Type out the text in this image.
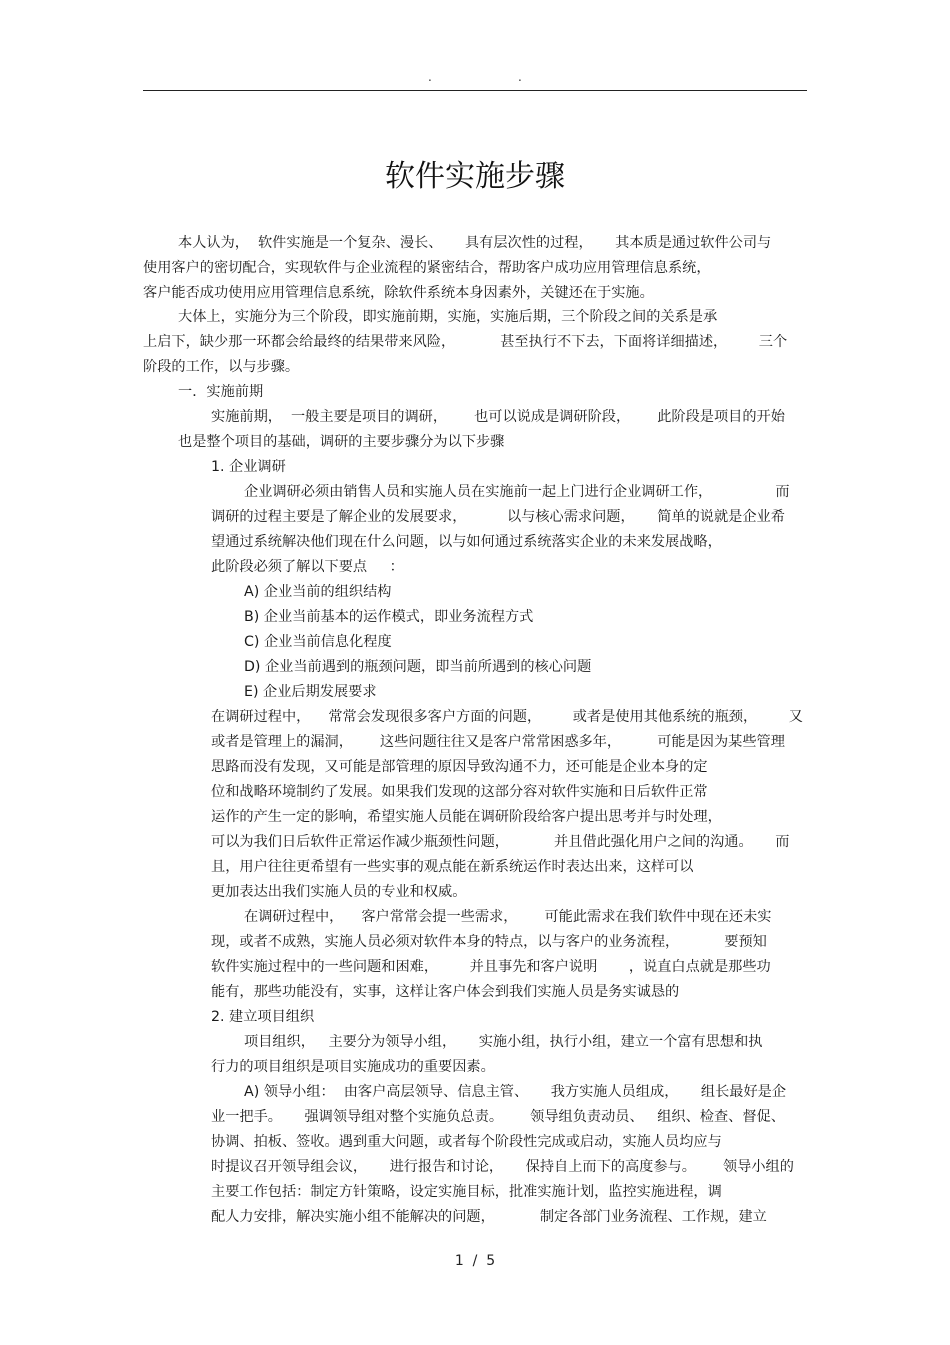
.	.
软件实施步骤
本人认为，  软件实施是一个复杂、漫长、     具有层次性的过程，     其本质是通过软件公司与
使用客户的密切配合，实现软件与企业流程的紧密结合，帮助客户成功应用管理信息系统，
客户能否成功使用应用管理信息系统，除软件系统本身因素外，关键还在于实施。
大体上，实施分为三个阶段，即实施前期，实施，实施后期，三个阶段之间的关系是承
上启下，缺少那一环都会给最终的结果带来风险，          甚至执行不下去，下面将详细描述，       三个
阶段的工作，以与步骤。
一．实施前期
实施前期，  一般主要是项目的调研，      也可以说成是调研阶段，      此阶段是项目的开始
也是整个项目的基础，调研的主要步骤分为以下步骤
1. 企业调研
企业调研必须由销售人员和实施人员在实施前一起上门进行企业调研工作，              而
调研的过程主要是了解企业的发展要求，         以与核心需求问题，     简单的说就是企业希
望通过系统解决他们现在什么问题，以与如何通过系统落实企业的未来发展战略，
此阶段必须了解以下要点     ：
A) 企业当前的组织结构
B) 企业当前基本的运作模式，即业务流程方式
C) 企业当前信息化程度
D) 企业当前遇到的瓶颈问题，即当前所遇到的核心问题
E) 企业后期发展要求
在调研过程中，    常常会发现很多客户方面的问题，       或者是使用其他系统的瓶颈，       又
或者是管理上的漏洞，      这些问题往往又是客户常常困惑多年，        可能是因为某些管理
思路而没有发现，又可能是部管理的原因导致沟通不力，还可能是企业本身的定
位和战略环境制约了发展。如果我们发现的这部分容对软件实施和日后软件正常
运作的产生一定的影响，希望实施人员能在调研阶段给客户提出思考并与时处理，
可以为我们日后软件正常运作减少瓶颈性问题，          并且借此强化用户之间的沟通。     而
且，用户往往更希望有一些实事的观点能在新系统运作时表达出来，这样可以
更加表达出我们实施人员的专业和权威。
在调研过程中，    客户常常会提一些需求，      可能此需求在我们软件中现在还未实
现，或者不成熟，实施人员必须对软件本身的特点，以与客户的业务流程，          要预知
软件实施过程中的一些问题和困难，       并且事先和客户说明       ，说直白点就是那些功
能有，那些功能没有，实事，这样让客户体会到我们实施人员是务实诚恳的
2. 建立项目组织
项目组织，   主要分为领导小组，     实施小组，执行小组，建立一个富有思想和执
行力的项目组织是项目实施成功的重要因素。
A) 领导小组：  由客户高层领导、信息主管、     我方实施人员组成，     组长最好是企
业一把手。     强调领导组对整个实施负总责。      领导组负责动员、   组织、检查、督促、
协调、拍板、签收。遇到重大问题，或者每个阶段性完成或启动，实施人员均应与
时提议召开领导组会议，     进行报告和讨论，     保持自上而下的高度参与。      领导小组的
主要工作包括：制定方针策略，设定实施目标，批准实施计划，监控实施进程，调
配人力安排，解决实施小组不能解决的问题，          制定各部门业务流程、工作规，建立
1  /  5
